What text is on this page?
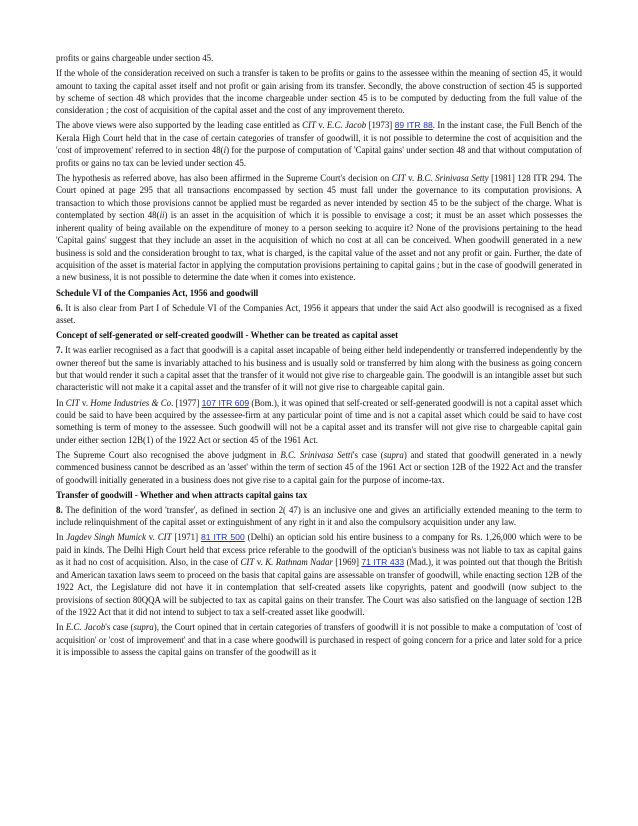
profits or gains chargeable under section 45.

If the whole of the consideration received on such a transfer is taken to be profits or gains to the assessee within the meaning of section 45, it would amount to taxing the capital asset itself and not profit or gain arising from its transfer. Secondly, the above construction of section 45 is supported by scheme of section 48 which provides that the income chargeable under section 45 is to be computed by deducting from the full value of the consideration ; the cost of acquisition of the capital asset and the cost of any improvement thereto.

The above views were also supported by the leading case entitled as CIT v. E.C. Jacob [1973] 89 ITR 88. In the instant case, the Full Bench of the Kerala High Court held that in the case of certain categories of transfer of goodwill, it is not possible to determine the cost of acquisition and the 'cost of improvement' referred to in section 48(i) for the purpose of computation of 'Capital gains' under section 48 and that without computation of profits or gains no tax can be levied under section 45.

The hypothesis as referred above, has also been affirmed in the Supreme Court's decision on CIT v. B.C. Srinivasa Setty [1981] 128 ITR 294. The Court opined at page 295 that all transactions encompassed by section 45 must fall under the governance to its computation provisions. A transaction to which those provisions cannot be applied must be regarded as never intended by section 45 to be the subject of the charge. What is contemplated by section 48(ii) is an asset in the acquisition of which it is possible to envisage a cost; it must be an asset which possesses the inherent quality of being available on the expenditure of money to a person seeking to acquire it? None of the provisions pertaining to the head 'Capital gains' suggest that they include an asset in the acquisition of which no cost at all can be conceived. When goodwill generated in a new business is sold and the consideration brought to tax, what is charged, is the capital value of the asset and not any profit or gain. Further, the date of acquisition of the asset is material factor in applying the computation provisions pertaining to capital gains ; but in the case of goodwill generated in a new business, it is not possible to determine the date when it comes into existence.

Schedule VI of the Companies Act, 1956 and goodwill

6. It is also clear from Part I of Schedule VI of the Companies Act, 1956 it appears that under the said Act also goodwill is recognised as a fixed asset.

Concept of self-generated or self-created goodwill - Whether can be treated as capital asset

7. It was earlier recognised as a fact that goodwill is a capital asset incapable of being either held independently or transferred independently by the owner thereof but the same is invariably attached to his business and is usually sold or transferred by him along with the business as going concern but that would render it such a capital asset that the transfer of it would not give rise to chargeable gain. The goodwill is an intangible asset but such characteristic will not make it a capital asset and the transfer of it will not give rise to chargeable capital gain.

In CIT v. Home Industries & Co. [1977] 107 ITR 609 (Bom.), it was opined that self-created or self-generated goodwill is not a capital asset which could be said to have been acquired by the assessee-firm at any particular point of time and is not a capital asset which could be said to have cost something is term of money to the assessee. Such goodwill will not be a capital asset and its transfer will not give rise to chargeable capital gain under either section 12B(1) of the 1922 Act or section 45 of the 1961 Act.

The Supreme Court also recognised the above judgment in B.C. Srinivasa Setti's case (supra) and stated that goodwill generated in a newly commenced business cannot be described as an 'asset' within the term of section 45 of the 1961 Act or section 12B of the 1922 Act and the transfer of goodwill initially generated in a business does not give rise to a capital gain for the purpose of income-tax.

Transfer of goodwill - Whether and when attracts capital gains tax

8. The definition of the word 'transfer', as defined in section 2( 47) is an inclusive one and gives an artificially extended meaning to the term to include relinquishment of the capital asset or extinguishment of any right in it and also the compulsory acquisition under any law.

In Jagdev Singh Mumick v. CIT [1971] 81 ITR 500 (Delhi) an optician sold his entire business to a company for Rs. 1,26,000 which were to be paid in kinds. The Delhi High Court held that excess price referable to the goodwill of the optician's business was not liable to tax as capital gains as it had no cost of acquisition. Also, in the case of CIT v. K. Rathnam Nadar [1969] 71 ITR 433 (Mad.), it was pointed out that though the British and American taxation laws seem to proceed on the basis that capital gains are assessable on transfer of goodwill, while enacting section 12B of the 1922 Act, the Legislature did not have it in contemplation that self-created assets like copyrights, patent and goodwill (now subject to the provisions of section 80QQA will be subjected to tax as capital gains on their transfer. The Court was also satisfied on the language of section 12B of the 1922 Act that it did not intend to subject to tax a self-created asset like goodwill.

In E.C. Jacob's case (supra), the Court opined that in certain categories of transfers of goodwill it is not possible to make a computation of 'cost of acquisition' or 'cost of improvement' and that in a case where goodwill is purchased in respect of going concern for a price and later sold for a price it is impossible to assess the capital gains on transfer of the goodwill as it
